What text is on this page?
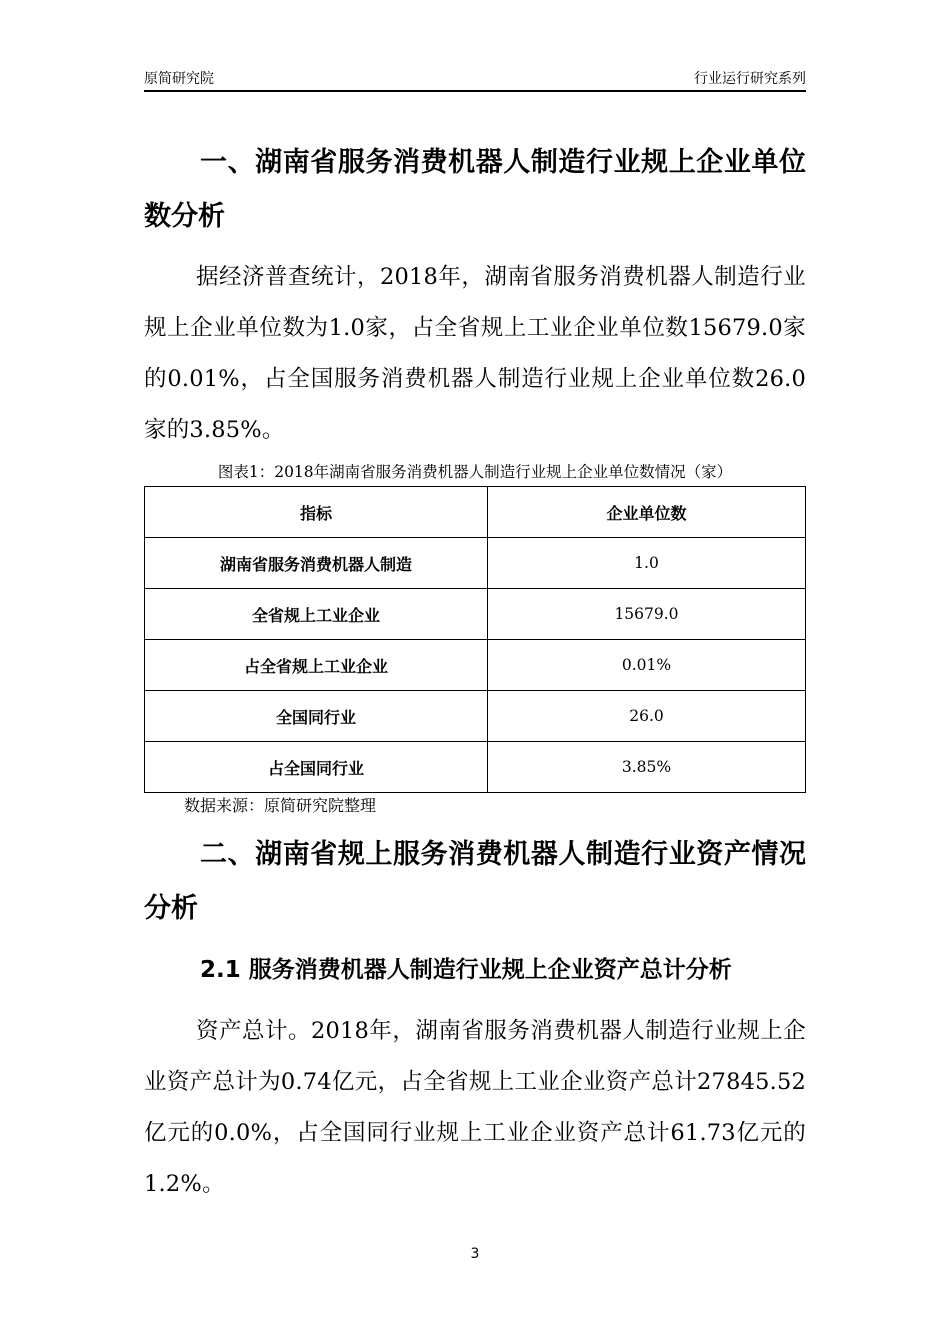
原简研究院	行业运行研究系列
一、湖南省服务消费机器人制造行业规上企业单位数分析
据经济普查统计，2018年，湖南省服务消费机器人制造行业规上企业单位数为1.0家，占全省规上工业企业单位数15679.0家的0.01%，占全国服务消费机器人制造行业规上企业单位数26.0家的3.85%。
图表1：2018年湖南省服务消费机器人制造行业规上企业单位数情况（家）
指标	企业单位数
湖南省服务消费机器人制造	1.0
全省规上工业企业	15679.0
占全省规上工业企业	0.01%
全国同行业	26.0
占全国同行业	3.85%
数据来源：原简研究院整理
二、湖南省规上服务消费机器人制造行业资产情况分析
2.1 服务消费机器人制造行业规上企业资产总计分析
资产总计。2018年，湖南省服务消费机器人制造行业规上企业资产总计为0.74亿元，占全省规上工业企业资产总计27845.52亿元的0.0%，占全国同行业规上工业企业资产总计61.73亿元的1.2%。
3
